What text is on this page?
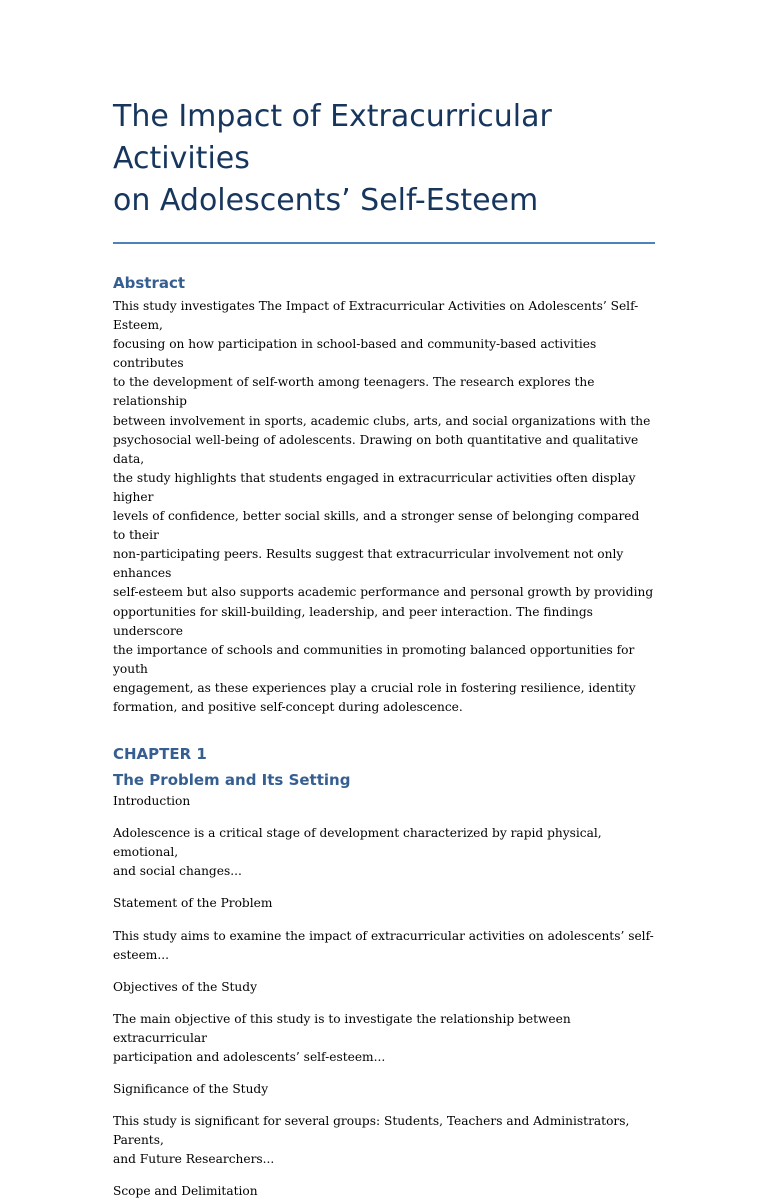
The Impact of Extracurricular Activities
on Adolescents’ Self-Esteem
Abstract

This study investigates The Impact of Extracurricular Activities on Adolescents’ Self-Esteem,
focusing on how participation in school-based and community-based activities contributes
to the development of self-worth among teenagers. The research explores the relationship
between involvement in sports, academic clubs, arts, and social organizations with the
psychosocial well-being of adolescents. Drawing on both quantitative and qualitative data,
the study highlights that students engaged in extracurricular activities often display higher
levels of confidence, better social skills, and a stronger sense of belonging compared to their
non-participating peers. Results suggest that extracurricular involvement not only enhances
self-esteem but also supports academic performance and personal growth by providing
opportunities for skill-building, leadership, and peer interaction. The findings underscore
the importance of schools and communities in promoting balanced opportunities for youth
engagement, as these experiences play a crucial role in fostering resilience, identity
formation, and positive self-concept during adolescence.

CHAPTER 1
The Problem and Its Setting

Introduction

Adolescence is a critical stage of development characterized by rapid physical, emotional,
and social changes...

Statement of the Problem

This study aims to examine the impact of extracurricular activities on adolescents’ self-
esteem...

Objectives of the Study

The main objective of this study is to investigate the relationship between extracurricular
participation and adolescents’ self-esteem...

Significance of the Study

This study is significant for several groups: Students, Teachers and Administrators, Parents,
and Future Researchers...

Scope and Delimitation
